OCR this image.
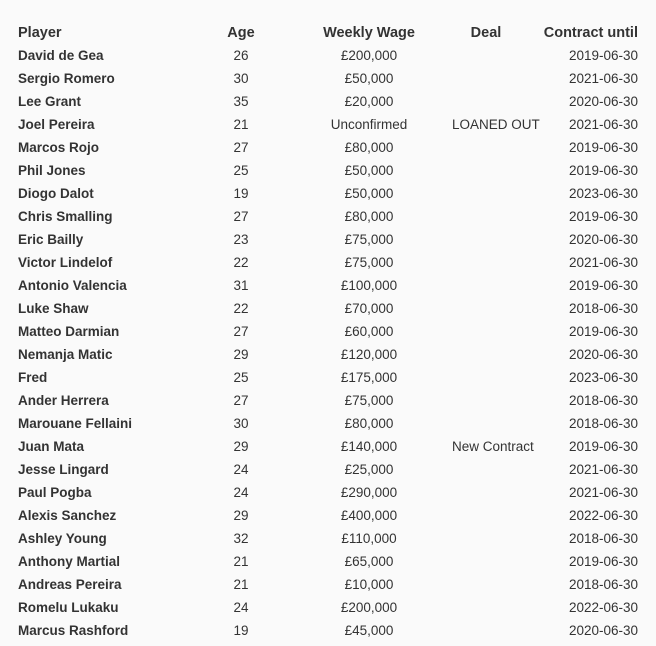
Player	Age	Weekly Wage	Deal	Contract until
David de Gea	26	£200,000		2019-06-30
Sergio Romero	30	£50,000		2021-06-30
Lee Grant	35	£20,000		2020-06-30
Joel Pereira	21	Unconfirmed	LOANED OUT	2021-06-30
Marcos Rojo	27	£80,000		2019-06-30
Phil Jones	25	£50,000		2019-06-30
Diogo Dalot	19	£50,000		2023-06-30
Chris Smalling	27	£80,000		2019-06-30
Eric Bailly	23	£75,000		2020-06-30
Victor Lindelof	22	£75,000		2021-06-30
Antonio Valencia	31	£100,000		2019-06-30
Luke Shaw	22	£70,000		2018-06-30
Matteo Darmian	27	£60,000		2019-06-30
Nemanja Matic	29	£120,000		2020-06-30
Fred	25	£175,000		2023-06-30
Ander Herrera	27	£75,000		2018-06-30
Marouane Fellaini	30	£80,000		2018-06-30
Juan Mata	29	£140,000	New Contract	2019-06-30
Jesse Lingard	24	£25,000		2021-06-30
Paul Pogba	24	£290,000		2021-06-30
Alexis Sanchez	29	£400,000		2022-06-30
Ashley Young	32	£110,000		2018-06-30
Anthony Martial	21	£65,000		2019-06-30
Andreas Pereira	21	£10,000		2018-06-30
Romelu Lukaku	24	£200,000		2022-06-30
Marcus Rashford	19	£45,000		2020-06-30
